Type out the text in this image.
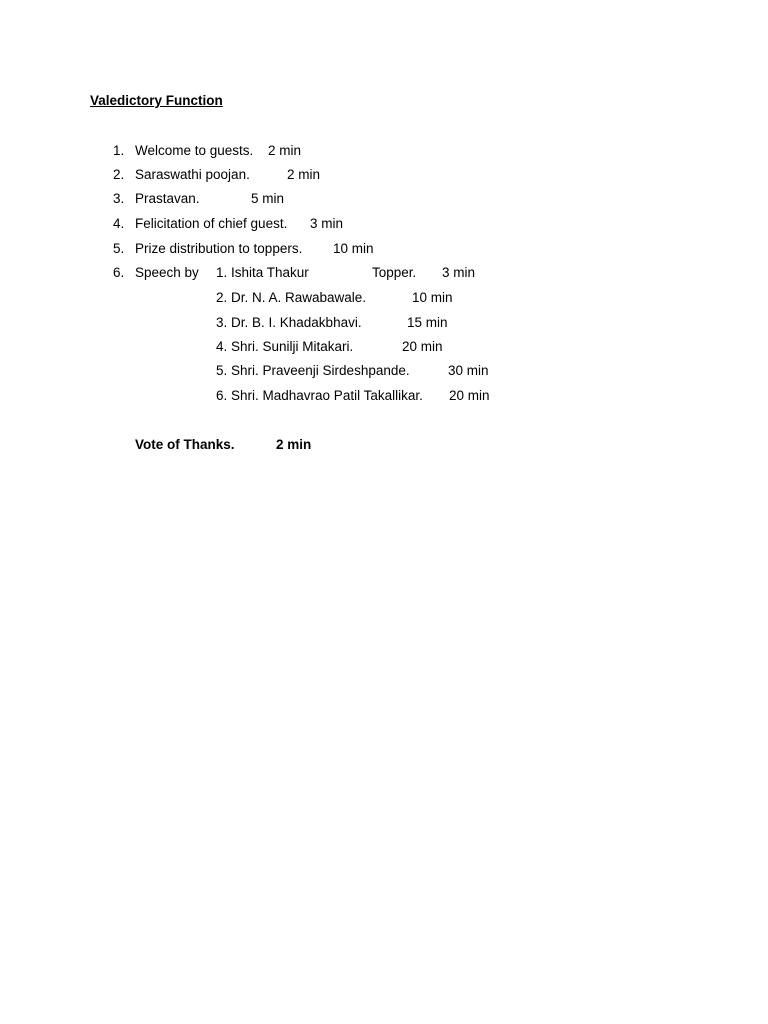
Valedictory Function
1. Welcome to guests. 2 min
2. Saraswathi poojan.	2 min
3. Prastavan.	5 min
4. Felicitation of chief guest. 3 min
5. Prize distribution to toppers. 10 min
6. Speech by 1. Ishita Thakur	Topper. 3 min
2. Dr. N. A. Rawabawale.	10 min
3. Dr. B. I. Khadakbhavi.	15 min
4. Shri. Sunilji Mitakari.	20 min
5. Shri. Praveenji Sirdeshpande.	30 min
6. Shri. Madhavrao Patil Takallikar. 20 min
Vote of Thanks.	2 min
